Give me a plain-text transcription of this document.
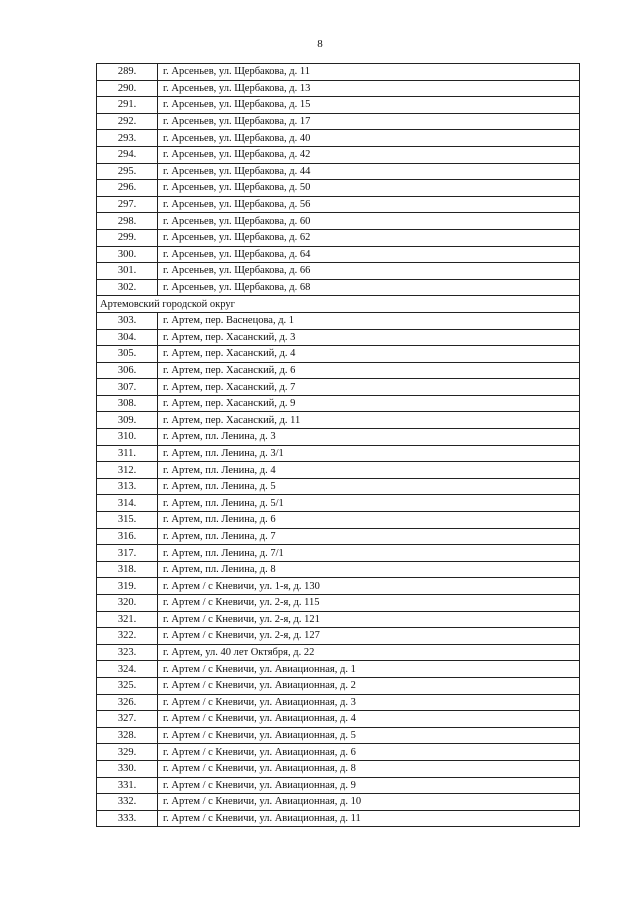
8
289.	г. Арсеньев, ул. Щербакова, д. 11
290.	г. Арсеньев, ул. Щербакова, д. 13
291.	г. Арсеньев, ул. Щербакова, д. 15
292.	г. Арсеньев, ул. Щербакова, д. 17
293.	г. Арсеньев, ул. Щербакова, д. 40
294.	г. Арсеньев, ул. Щербакова, д. 42
295.	г. Арсеньев, ул. Щербакова, д. 44
296.	г. Арсеньев, ул. Щербакова, д. 50
297.	г. Арсеньев, ул. Щербакова, д. 56
298.	г. Арсеньев, ул. Щербакова, д. 60
299.	г. Арсеньев, ул. Щербакова, д. 62
300.	г. Арсеньев, ул. Щербакова, д. 64
301.	г. Арсеньев, ул. Щербакова, д. 66
302.	г. Арсеньев, ул. Щербакова, д. 68
Артемовский городской округ	
303.	г. Артем, пер. Васнецова, д. 1
304.	г. Артем, пер. Хасанский, д. 3
305.	г. Артем, пер. Хасанский, д. 4
306.	г. Артем, пер. Хасанский, д. 6
307.	г. Артем, пер. Хасанский, д. 7
308.	г. Артем, пер. Хасанский, д. 9
309.	г. Артем, пер. Хасанский, д. 11
310.	г. Артем, пл. Ленина, д. 3
311.	г. Артем, пл. Ленина, д. 3/1
312.	г. Артем, пл. Ленина, д. 4
313.	г. Артем, пл. Ленина, д. 5
314.	г. Артем, пл. Ленина, д. 5/1
315.	г. Артем, пл. Ленина, д. 6
316.	г. Артем, пл. Ленина, д. 7
317.	г. Артем, пл. Ленина, д. 7/1
318.	г. Артем, пл. Ленина, д. 8
319.	г. Артем / с Кневичи, ул. 1-я, д. 130
320.	г. Артем / с Кневичи, ул. 2-я, д. 115
321.	г. Артем / с Кневичи, ул. 2-я, д. 121
322.	г. Артем / с Кневичи, ул. 2-я, д. 127
323.	г. Артем, ул. 40 лет Октября, д. 22
324.	г. Артем / с Кневичи, ул. Авиационная, д. 1
325.	г. Артем / с Кневичи, ул. Авиационная, д. 2
326.	г. Артем / с Кневичи, ул. Авиационная, д. 3
327.	г. Артем / с Кневичи, ул. Авиационная, д. 4
328.	г. Артем / с Кневичи, ул. Авиационная, д. 5
329.	г. Артем / с Кневичи, ул. Авиационная, д. 6
330.	г. Артем / с Кневичи, ул. Авиационная, д. 8
331.	г. Артем / с Кневичи, ул. Авиационная, д. 9
332.	г. Артем / с Кневичи, ул. Авиационная, д. 10
333.	г. Артем / с Кневичи, ул. Авиационная, д. 11
